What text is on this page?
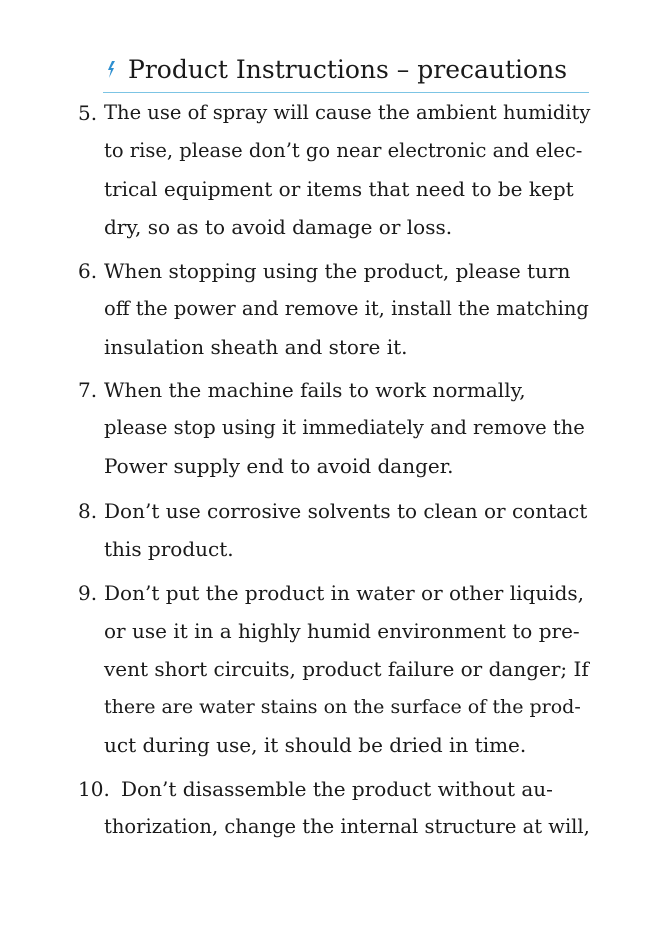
Product Instructions – precautions
5. The use of spray will cause the ambient humidity
to rise, please don’t go near electronic and elec-
trical equipment or items that need to be kept
dry, so as to avoid damage or loss.
6. When stopping using the product, please turn
off the power and remove it, install the matching
insulation sheath and store it.
7. When the machine fails to work normally,
please stop using it immediately and remove the
Power supply end to avoid danger.
8. Don’t use corrosive solvents to clean or contact
this product.
9. Don’t put the product in water or other liquids,
or use it in a highly humid environment to pre-
vent short circuits, product failure or danger; If
there are water stains on the surface of the prod-
uct during use, it should be dried in time.
10. Don’t disassemble the product without au-
thorization, change the internal structure at will,
